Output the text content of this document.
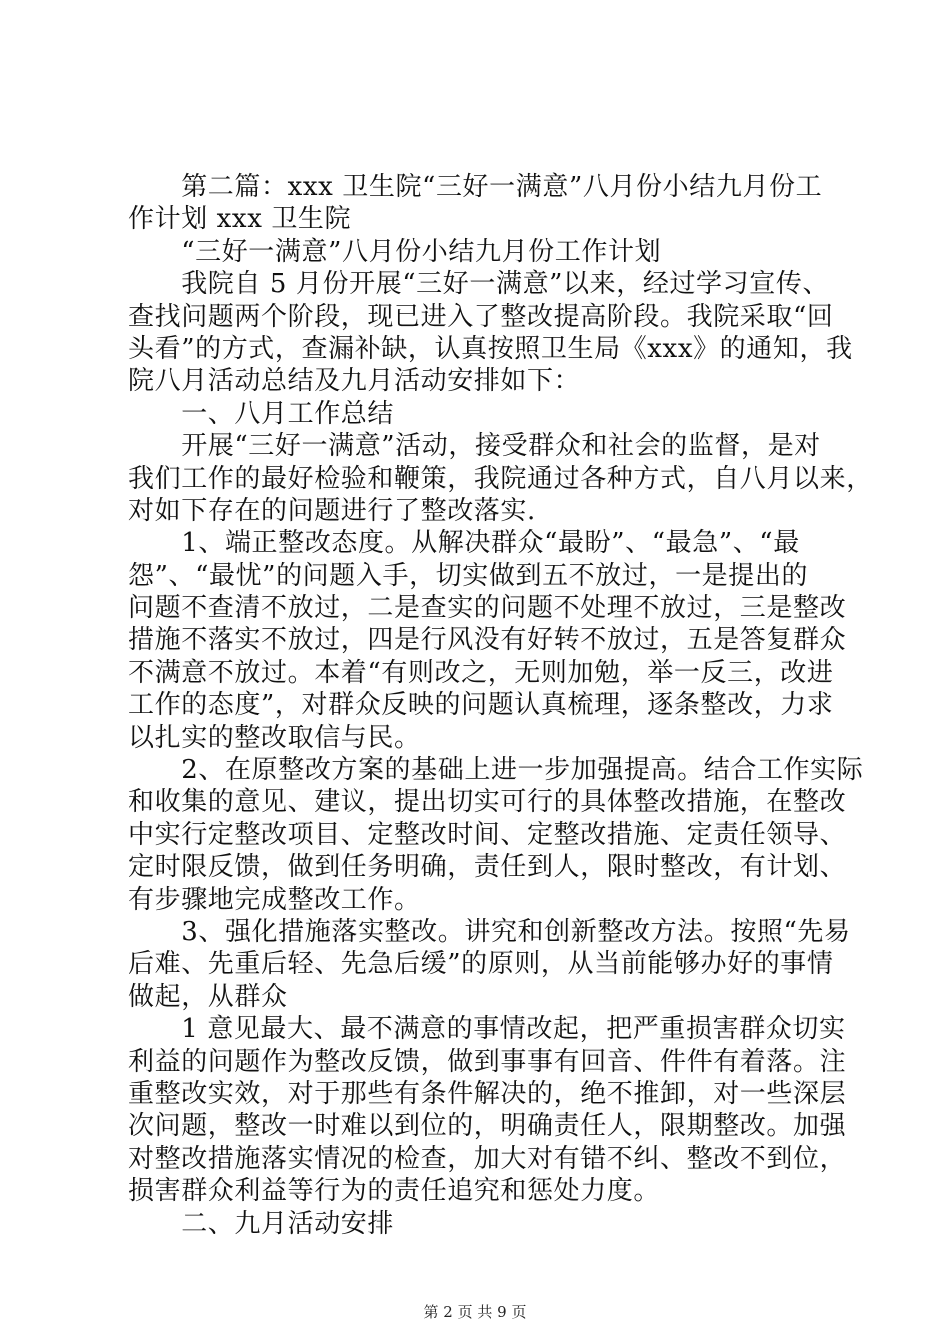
　　第二篇：xxx 卫生院“三好一满意”八月份小结九月份工
作计划 xxx 卫生院
　　“三好一满意”八月份小结九月份工作计划
　　我院自 5 月份开展“三好一满意”以来，经过学习宣传、
查找问题两个阶段，现已进入了整改提高阶段。我院采取“回
头看”的方式，查漏补缺，认真按照卫生局《xxx》的通知，我
院八月活动总结及九月活动安排如下：
　　一、八月工作总结
　　开展“三好一满意”活动，接受群众和社会的监督，是对
我们工作的最好检验和鞭策，我院通过各种方式，自八月以来，
对如下存在的问题进行了整改落实.
　　1、端正整改态度。从解决群众“最盼”、“最急”、“最
怨”、“最忧”的问题入手，切实做到五不放过，一是提出的
问题不查清不放过，二是查实的问题不处理不放过，三是整改
措施不落实不放过，四是行风没有好转不放过，五是答复群众
不满意不放过。本着“有则改之，无则加勉，举一反三，改进
工作的态度”，对群众反映的问题认真梳理，逐条整改，力求
以扎实的整改取信与民。
　　2、在原整改方案的基础上进一步加强提高。结合工作实际
和收集的意见、建议，提出切实可行的具体整改措施，在整改
中实行定整改项目、定整改时间、定整改措施、定责任领导、
定时限反馈，做到任务明确，责任到人，限时整改，有计划、
有步骤地完成整改工作。
　　3、强化措施落实整改。讲究和创新整改方法。按照“先易
后难、先重后轻、先急后缓”的原则，从当前能够办好的事情
做起，从群众
　　1 意见最大、最不满意的事情改起，把严重损害群众切实
利益的问题作为整改反馈，做到事事有回音、件件有着落。注
重整改实效，对于那些有条件解决的，绝不推卸，对一些深层
次问题，整改一时难以到位的，明确责任人，限期整改。加强
对整改措施落实情况的检查，加大对有错不纠、整改不到位，
损害群众利益等行为的责任追究和惩处力度。
　　二、九月活动安排
第 2 页 共 9 页
